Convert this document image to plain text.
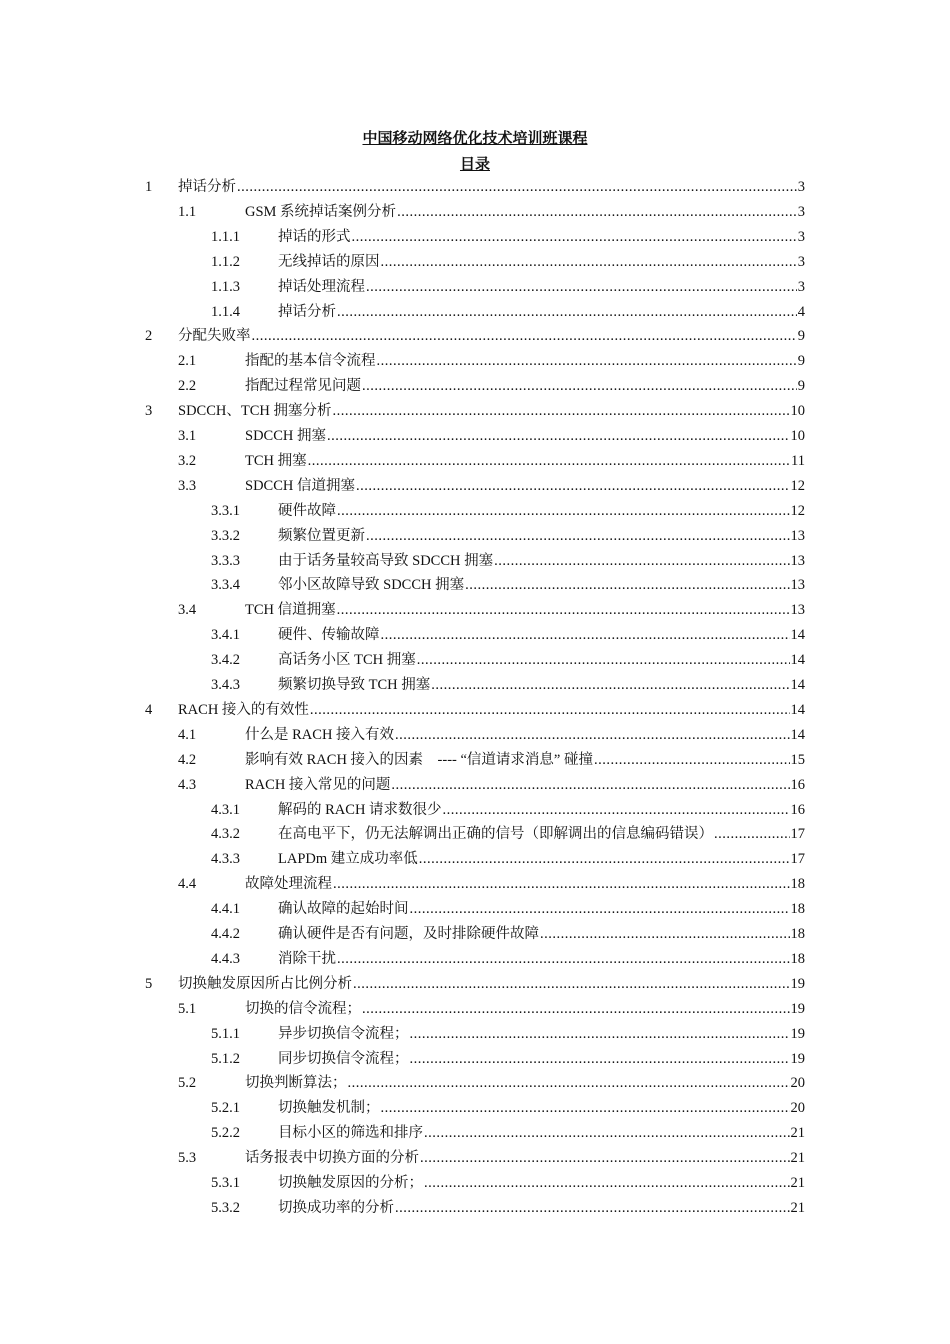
中国移动网络优化技术培训班课程
目录
1	掉话分析 .....	3
1.1	GSM 系统掉话案例分析 .....	3
1.1.1	掉话的形式 .....	3
1.1.2	无线掉话的原因 .....	3
1.1.3	掉话处理流程 .....	3
1.1.4	掉话分析 .....	4
2	分配失败率 .....	9
2.1	指配的基本信令流程 .....	9
2.2	指配过程常见问题 .....	9
3	SDCCH、TCH 拥塞分析 .....	10
3.1	SDCCH 拥塞 .....	10
3.2	TCH 拥塞 .....	11
3.3	SDCCH 信道拥塞 .....	12
3.3.1	硬件故障 .....	12
3.3.2	频繁位置更新 .....	13
3.3.3	由于话务量较高导致 SDCCH 拥塞 .....	13
3.3.4	邻小区故障导致 SDCCH 拥塞 .....	13
3.4	TCH 信道拥塞 .....	13
3.4.1	硬件、传输故障 .....	14
3.4.2	高话务小区 TCH 拥塞 .....	14
3.4.3	频繁切换导致 TCH 拥塞 .....	14
4	RACH 接入的有效性 .....	14
4.1	什么是 RACH 接入有效 .....	14
4.2	影响有效 RACH 接入的因素    ---- “信道请求消息” 碰撞 .....	15
4.3	RACH 接入常见的问题 .....	16
4.3.1	解码的 RACH 请求数很少 .....	16
4.3.2	在高电平下，仍无法解调出正确的信号（即解调出的信息编码错误） .....	17
4.3.3	LAPDm 建立成功率低 .....	17
4.4	故障处理流程 .....	18
4.4.1	确认故障的起始时间 .....	18
4.4.2	确认硬件是否有问题，及时排除硬件故障 .....	18
4.4.3	消除干扰 .....	18
5	切换触发原因所占比例分析 .....	19
5.1	切换的信令流程； .....	19
5.1.1	异步切换信令流程； .....	19
5.1.2	同步切换信令流程； .....	19
5.2	切换判断算法； .....	20
5.2.1	切换触发机制； .....	20
5.2.2	目标小区的筛选和排序 .....	21
5.3	话务报表中切换方面的分析 .....	21
5.3.1	切换触发原因的分析； .....	21
5.3.2	切换成功率的分析 .....	21
